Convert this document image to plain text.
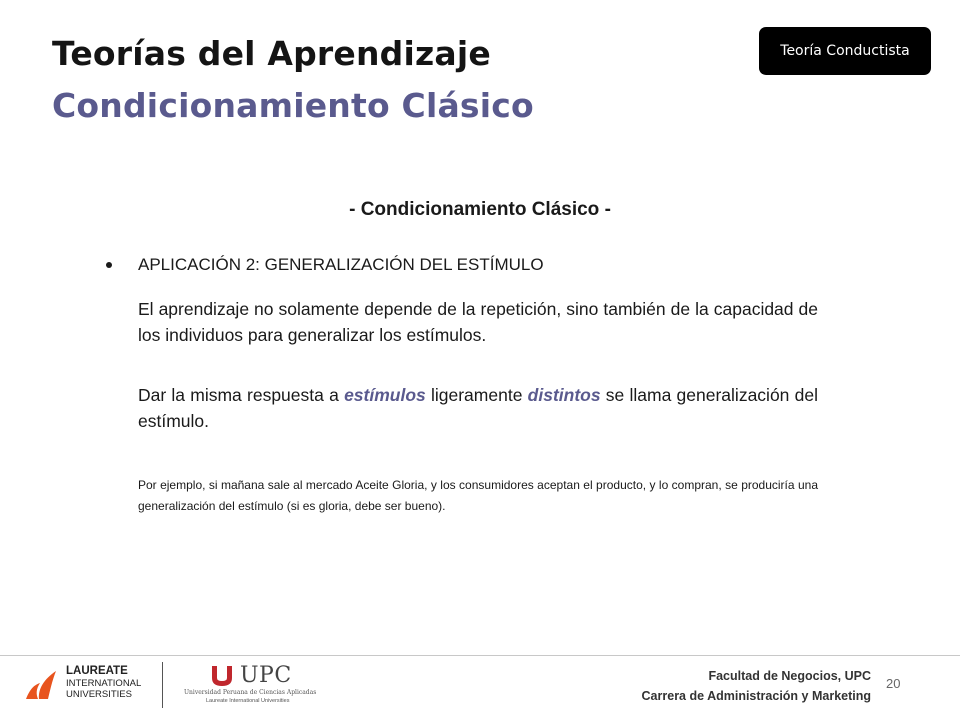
Teorías del Aprendizaje
Condicionamiento Clásico
Teoría Conductista
- Condicionamiento Clásico -
APLICACIÓN 2: GENERALIZACIÓN DEL ESTÍMULO

El aprendizaje no solamente depende de la repetición, sino también de la capacidad de los individuos para generalizar los estímulos.

Dar la misma respuesta a estímulos ligeramente distintos se llama generalización del estímulo.

Por ejemplo, si mañana sale al mercado Aceite Gloria, y los consumidores aceptan el producto, y lo compran, se produciría una generalización del estímulo (si es gloria, debe ser bueno).

LAUREATE
INTERNATIONAL
UNIVERSITIES
UPC
Universidad Peruana de Ciencias Aplicadas
Laureate International Universities
Facultad de Negocios, UPC
Carrera de Administración y Marketing
20
